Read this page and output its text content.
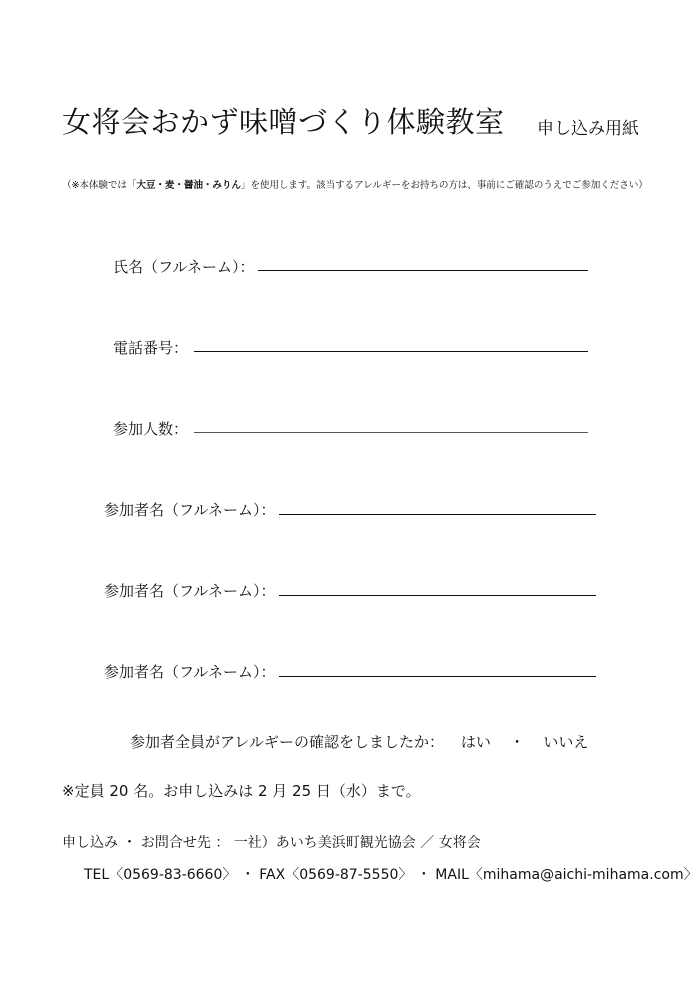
女将会おかず味噌づくり体験教室 申し込み用紙
（※本体験では「大豆・麦・醤油・みりん」を使用します。該当するアレルギーをお持ちの方は、事前にご確認のうえでご参加ください）
氏名（フルネーム）：
電話番号：
参加人数：
参加者名（フルネーム）：
参加者名（フルネーム）：
参加者名（フルネーム）：
参加者全員がアレルギーの確認をしましたか： はい ・ いいえ
※定員 20 名。お申し込みは 2 月 25 日（水）まで。
申し込み ・ お問合せ先 ： 一社）あいち美浜町観光協会 ／ 女将会
TEL〈0569-83-6660〉 ・ FAX〈0569-87-5550〉 ・ MAIL〈mihama@aichi-mihama.com〉
